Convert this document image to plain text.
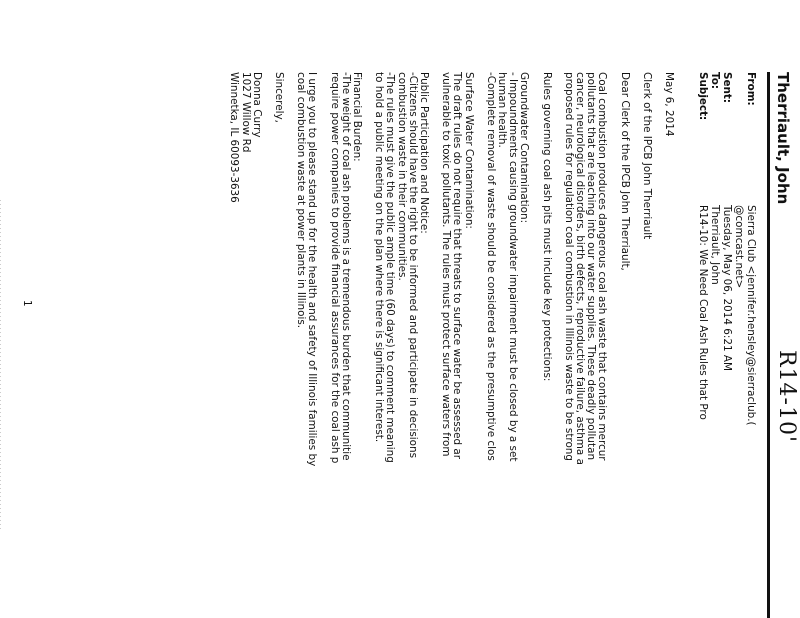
R14-10'
Therriault, John
From:
Sierra Club <jennifer.hensley@sierraclub.(
@comcast.net>
Sent:
Tuesday, May 06, 2014 6:21 AM
To:
Therriault, John
Subject:
R14-10: We Need Coal Ash Rules that Pro
May 6, 2014
Clerk of the IPCB John Therriault
Dear Clerk of the IPCB John Therriault,
Coal combustion produces dangerous coal ash waste that contains mercur
pollutants that are leaching into our water supplies. These deadly pollutan
cancer, neurological disorders, birth defects, reproductive failure, asthma a
proposed rules for regulation coal combustion in Illinois waste to be strong
Rules governing coal ash pits must include key protections:
Groundwater Contamination:
- Impoundments causing groundwater impairment must be closed by a set
human health.
-Complete removal of waste should be considered as the presumptive clos
Surface Water Contamination:
The draft rules do not require that threats to surface water be assessed ar
vulnerable to toxic pollutants. The rules must protect surface waters from
Public Participation and Notice:
-Citizens should have the right to be informed and participate in decisions
combustion waste in their communities.
-The rules must give the public ample time (60 days) to comment meaning
to hold a public meeting on the plan where there is significant interest.
Financial Burden:
-The weight of coal ash problems is a tremendous burden that communitie
require power companies to provide financial assurances for the coal ash p
I urge you to please stand up for the health and safety of Illinois families by
coal combustion waste at power plants in Illinois.
Sincerely,
Donna Curry
1027 Willow Rd
Winnetka, IL 60093-3636
1
